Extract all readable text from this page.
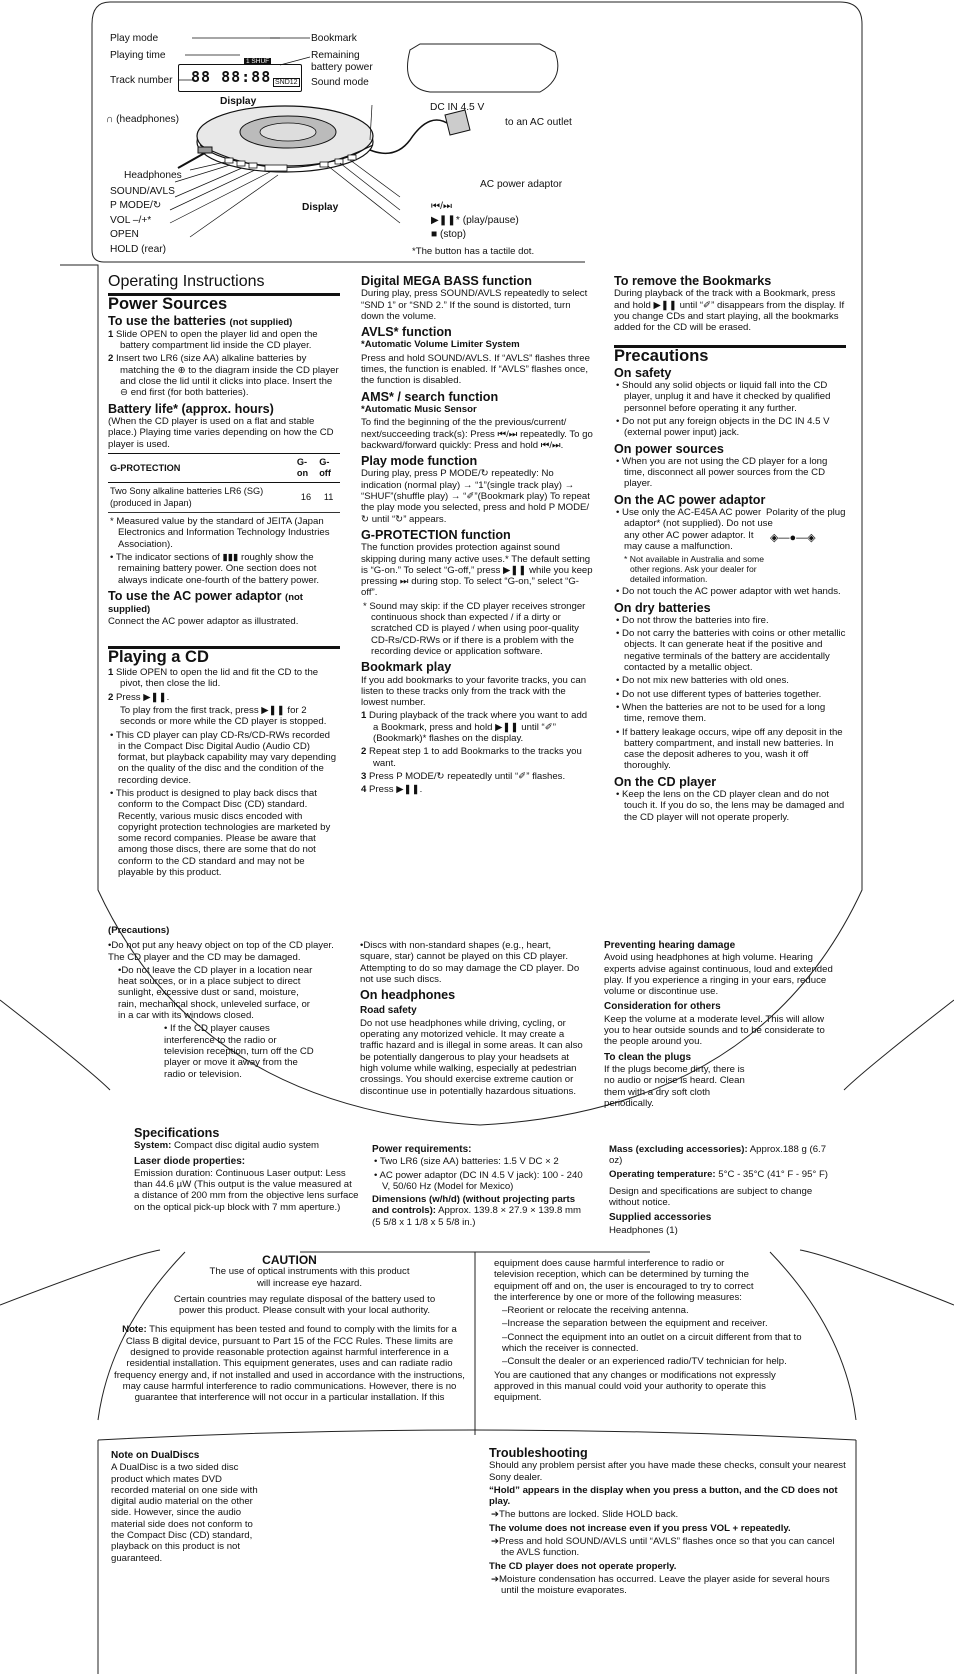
Play mode
Playing time
Track number
Bookmark
Remaining
battery power
Sound mode
88 88:88 SND12
1 SHUF
Display
∩ (headphones)
DC IN 4.5 V
to an AC outlet
Headphones
SOUND/AVLS
P MODE/↻
VOL –/+*
OPEN
HOLD (rear)
Display
AC power adaptor
⏮/⏭
▶❚❚* (play/pause)
■ (stop)
*The button has a tactile dot.
Operating Instructions
Power Sources
To use the batteries (not supplied)

1 Slide OPEN to open the player lid and open the battery compartment lid inside the CD player.

2 Insert two LR6 (size AA) alkaline batteries by matching the ⊕ to the diagram inside the CD player and close the lid until it clicks into place. Insert the ⊖ end first (for both batteries).

Battery life* (approx. hours)

(When the CD player is used on a flat and stable place.) Playing time varies depending on how the CD player is used.

G-PROTECTION	G-on	G-off
Two Sony alkaline batteries LR6 (SG) (produced in Japan)	16	11

* Measured value by the standard of JEITA (Japan Electronics and Information Technology Industries Association).

• The indicator sections of ▮▮▮ roughly show the remaining battery power. One section does not always indicate one-fourth of the battery power.

To use the AC power adaptor (not supplied)

Connect the AC power adaptor as illustrated.

Playing a CD

1 Slide OPEN to open the lid and fit the CD to the pivot, then close the lid.

2 Press ▶❚❚.

To play from the first track, press ▶❚❚ for 2 seconds or more while the CD player is stopped.

• This CD player can play CD-Rs/CD-RWs recorded in the Compact Disc Digital Audio (Audio CD) format, but playback capability may vary depending on the quality of the disc and the condition of the recording device.

• This product is designed to play back discs that conform to the Compact Disc (CD) standard. Recently, various music discs encoded with copyright protection technologies are marketed by some record companies. Please be aware that among those discs, there are some that do not conform to the CD standard and may not be playable by this product.

Digital MEGA BASS function

During play, press SOUND/AVLS repeatedly to select “SND 1” or “SND 2.” If the sound is distorted, turn down the volume.

AVLS* function

*Automatic Volume Limiter System

Press and hold SOUND/AVLS. If “AVLS” flashes three times, the function is enabled. If “AVLS” flashes once, the function is disabled.

AMS* / search function

*Automatic Music Sensor

To find the beginning of the the previous/current/ next/succeeding track(s): Press ⏮/⏭ repeatedly. To go backward/forward quickly: Press and hold ⏮/⏭.

Play mode function

During play, press P MODE/↻ repeatedly: No indication (normal play) → “1”(single track play) → “SHUF”(shuffle play) → “✐”(Bookmark play) To repeat the play mode you selected, press and hold P MODE/↻ until “↻” appears.

G-PROTECTION function

The function provides protection against sound skipping during many active uses.* The default setting is “G-on.” To select “G-off,” press ▶❚❚ while you keep pressing ⏭ during stop. To select “G-on,” select “G-off”.

* Sound may skip: if the CD player receives stronger continuous shock than expected / if a dirty or scratched CD is played / when using poor-quality CD-Rs/CD-RWs or if there is a problem with the recording device or application software.

Bookmark play

If you add bookmarks to your favorite tracks, you can listen to these tracks only from the track with the lowest number.

1 During playback of the track where you want to add a Bookmark, press and hold ▶❚❚ until “✐” (Bookmark)* flashes on the display.

2 Repeat step 1 to add Bookmarks to the tracks you want.

3 Press P MODE/↻ repeatedly until “✐” flashes.

4 Press ▶❚❚.

To remove the Bookmarks

During playback of the track with a Bookmark, press and hold ▶❚❚ until “✐” disappears from the display. If you change CDs and start playing, all the bookmarks added for the CD will be erased.

Precautions
On safety

• Should any solid objects or liquid fall into the CD player, unplug it and have it checked by qualified personnel before operating it any further.

• Do not put any foreign objects in the DC IN 4.5 V (external power input) jack.

On power sources

• When you are not using the CD player for a long time, disconnect all power sources from the CD player.

On the AC power adaptor

• Use only the AC-E45A AC power adaptor* (not supplied). Do not use any other AC power adaptor. It may cause a malfunction.

Polarity of the plug
◈—●—◈

* Not available in Australia and some other regions. Ask your dealer for detailed information.

• Do not touch the AC power adaptor with wet hands.

On dry batteries

• Do not throw the batteries into fire.

• Do not carry the batteries with coins or other metallic objects. It can generate heat if the positive and negative terminals of the battery are accidentally contacted by a metallic object.

• Do not mix new batteries with old ones.

• Do not use different types of batteries together.

• When the batteries are not to be used for a long time, remove them.

• If battery leakage occurs, wipe off any deposit in the battery compartment, and install new batteries. In case the deposit adheres to you, wash it off thoroughly.

On the CD player

• Keep the lens on the CD player clean and do not touch it. If you do so, the lens may be damaged and the CD player will not operate properly.

(Precautions)

•Do not put any heavy object on top of the CD player. The CD player and the CD may be damaged.

•Do not leave the CD player in a location near heat sources, or in a place subject to direct sunlight, excessive dust or sand, moisture, rain, mechanical shock, unleveled surface, or in a car with its windows closed.

• If the CD player causes interference to the radio or television reception, turn off the CD player or move it away from the radio or television.

•Discs with non-standard shapes (e.g., heart, square, star) cannot be played on this CD player. Attempting to do so may damage the CD player. Do not use such discs.

On headphones
Road safety

Do not use headphones while driving, cycling, or operating any motorized vehicle. It may create a traffic hazard and is illegal in some areas. It can also be potentially dangerous to play your headsets at high volume while walking, especially at pedestrian crossings. You should exercise extreme caution or discontinue use in potentially hazardous situations.

Preventing hearing damage

Avoid using headphones at high volume. Hearing experts advise against continuous, loud and extended play. If you experience a ringing in your ears, reduce volume or discontinue use.

Consideration for others

Keep the volume at a moderate level. This will allow you to hear outside sounds and to be considerate to the people around you.

To clean the plugs

If the plugs become dirty, there is no audio or noise is heard. Clean them with a dry soft cloth periodically.

Specifications

System: Compact disc digital audio system

Laser diode properties:

Emission duration: Continuous Laser output: Less than 44.6 µW (This output is the value measured at a distance of 200 mm from the objective lens surface on the optical pick-up block with 7 mm aperture.)

Power requirements:

• Two LR6 (size AA) batteries: 1.5 V DC × 2

• AC power adaptor (DC IN 4.5 V jack): 100 - 240 V, 50/60 Hz (Model for Mexico)

Dimensions (w/h/d) (without projecting parts and controls): Approx. 139.8 × 27.9 × 139.8 mm (5 5/8 x 1 1/8 x 5 5/8 in.)

Mass (excluding accessories): Approx.188 g (6.7 oz)

Operating temperature: 5°C - 35°C (41° F - 95° F)

Design and specifications are subject to change without notice.

Supplied accessories

Headphones (1)

CAUTION

The use of optical instruments with this product will increase eye hazard.

Certain countries may regulate disposal of the battery used to power this product. Please consult with your local authority.

Note: This equipment has been tested and found to comply with the limits for a Class B digital device, pursuant to Part 15 of the FCC Rules. These limits are designed to provide reasonable protection against harmful interference in a residential installation. This equipment generates, uses and can radiate radio frequency energy and, if not installed and used in accordance with the instructions, may cause harmful interference to radio communications. However, there is no guarantee that interference will not occur in a particular installation. If this

equipment does cause harmful interference to radio or television reception, which can be determined by turning the equipment off and on, the user is encouraged to try to correct the interference by one or more of the following measures:

–Reorient or relocate the receiving antenna.

–Increase the separation between the equipment and receiver.

–Connect the equipment into an outlet on a circuit different from that to which the receiver is connected.

–Consult the dealer or an experienced radio/TV technician for help.

You are cautioned that any changes or modifications not expressly approved in this manual could void your authority to operate this equipment.

Note on DualDiscs

A DualDisc is a two sided disc product which mates DVD recorded material on one side with digital audio material on the other side. However, since the audio material side does not conform to the Compact Disc (CD) standard, playback on this product is not guaranteed.

Troubleshooting

Should any problem persist after you have made these checks, consult your nearest Sony dealer.

“Hold” appears in the display when you press a button, and the CD does not play.

➔The buttons are locked. Slide HOLD back.

The volume does not increase even if you press VOL + repeatedly.

➔Press and hold SOUND/AVLS until “AVLS” flashes once so that you can cancel the AVLS function.

The CD player does not operate properly.

➔Moisture condensation has occurred. Leave the player aside for several hours until the moisture evaporates.
